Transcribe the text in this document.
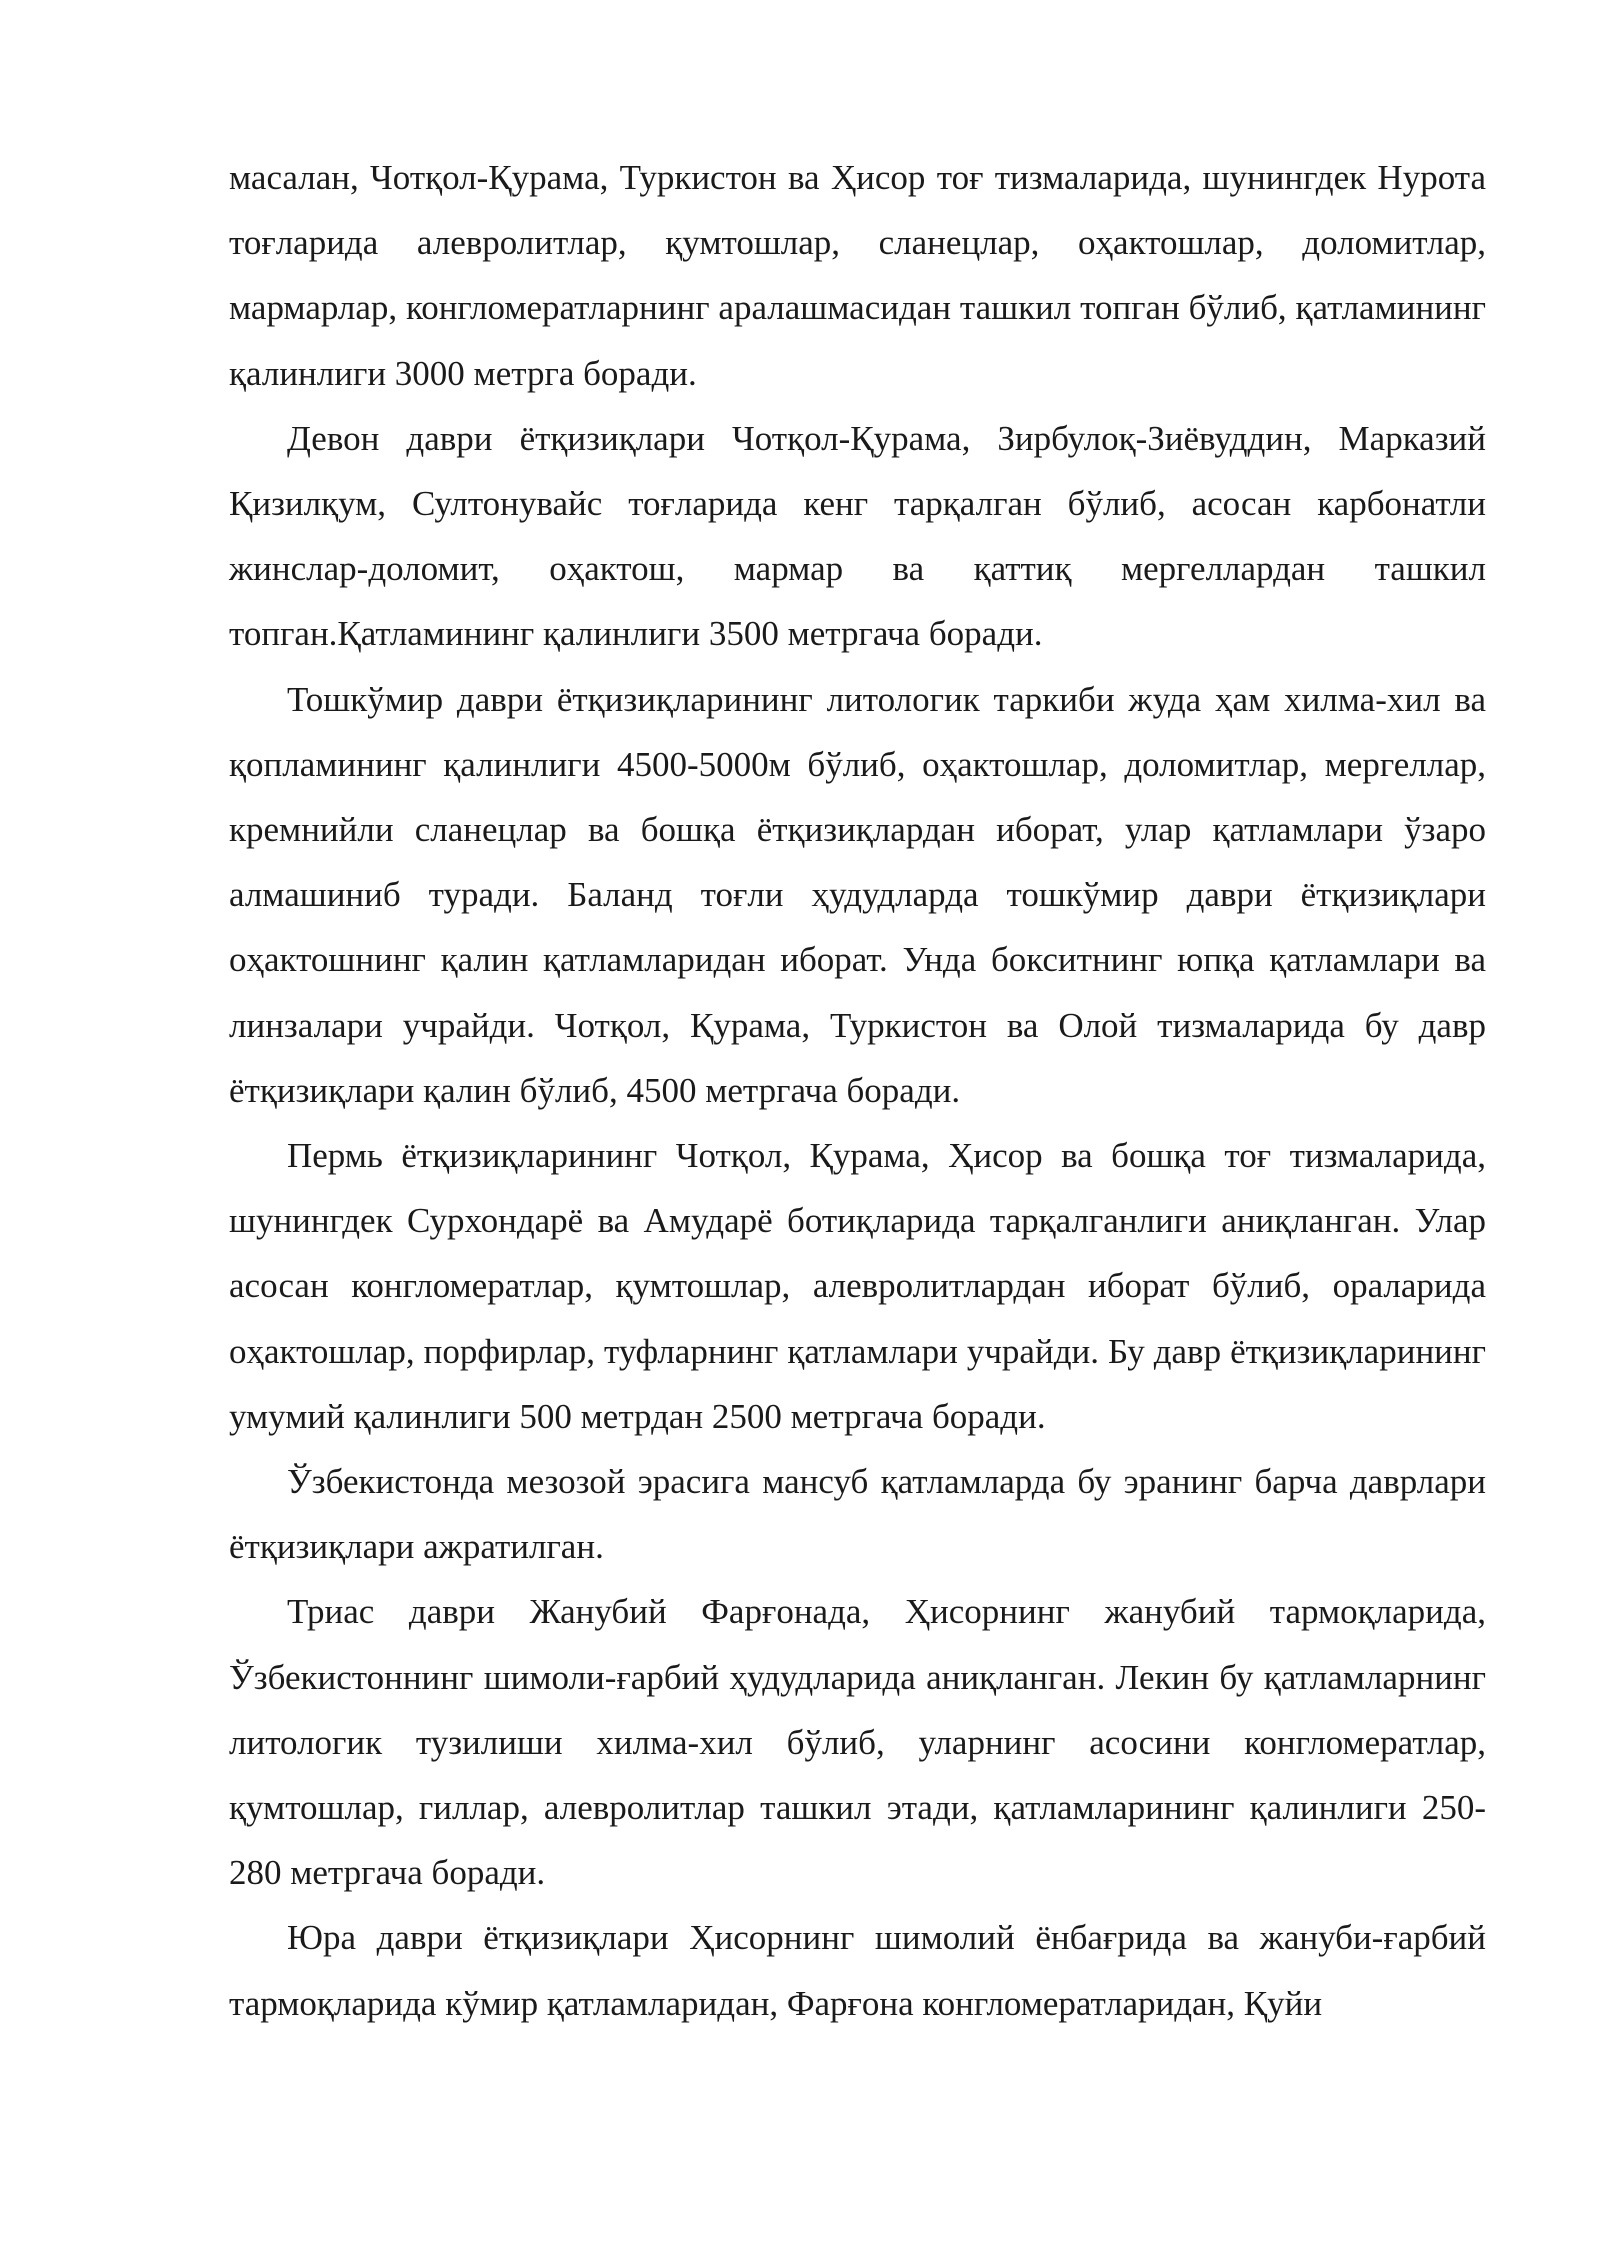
масалан, Чотқол-Қурама, Туркистон ва Ҳисор тоғ тизмаларида, шунингдек Нурота тоғларида алевролитлар, қумтошлар, сланецлар, оҳактошлар, доломитлар, мармарлар, конгломератларнинг аралашмасидан ташкил топган бўлиб, қатламининг қалинлиги 3000 метрга боради.

Девон даври ётқизиқлари Чотқол-Қурама, Зирбулоқ-Зиёвуддин, Марказий Қизилқум, Султонувайс тоғларида кенг тарқалган бўлиб, асосан карбонатли жинслар-доломит, оҳактош, мармар ва қаттиқ мергеллардан ташкил топган.Қатламининг қалинлиги 3500 метргача боради.

Тошкўмир даври ётқизиқларининг литологик таркиби жуда ҳам хилма-хил ва қопламининг қалинлиги 4500-5000м бўлиб, оҳактошлар, доломитлар, мергеллар, кремнийли сланецлар ва бошқа ётқизиқлардан иборат, улар қатламлари ўзаро алмашиниб туради. Баланд тоғли ҳудудларда тошкўмир даври ётқизиқлари оҳактошнинг қалин қатламларидан иборат. Унда бокситнинг юпқа қатламлари ва линзалари учрайди. Чотқол, Қурама, Туркистон ва Олой тизмаларида бу давр ётқизиқлари қалин бўлиб, 4500 метргача боради.

Пермь ётқизиқларининг Чотқол, Қурама, Ҳисор ва бошқа тоғ тизмаларида, шунингдек Сурхондарё ва Амударё ботиқларида тарқалганлиги аниқланган. Улар асосан конгломератлар, қумтошлар, алевролитлардан иборат бўлиб, ораларида оҳактошлар, порфирлар, туфларнинг қатламлари учрайди. Бу давр ётқизиқларининг умумий қалинлиги 500 метрдан 2500 метргача боради.

Ўзбекистонда мезозой эрасига мансуб қатламларда бу эранинг барча даврлари ётқизиқлари ажратилган.

Триас даври Жанубий Фарғонада, Ҳисорнинг жанубий тармоқларида, Ўзбекистоннинг шимоли-ғарбий ҳудудларида аниқланган. Лекин бу қатламларнинг литологик тузилиши хилма-хил бўлиб, уларнинг асосини конгломератлар, қумтошлар, гиллар, алевролитлар ташкил этади, қатламларининг қалинлиги 250-280 метргача боради.

Юра даври ётқизиқлари Ҳисорнинг шимолий ёнбағрида ва жануби-ғарбий тармоқларида кўмир қатламларидан, Фарғона конгломератларидан, Қуйи
